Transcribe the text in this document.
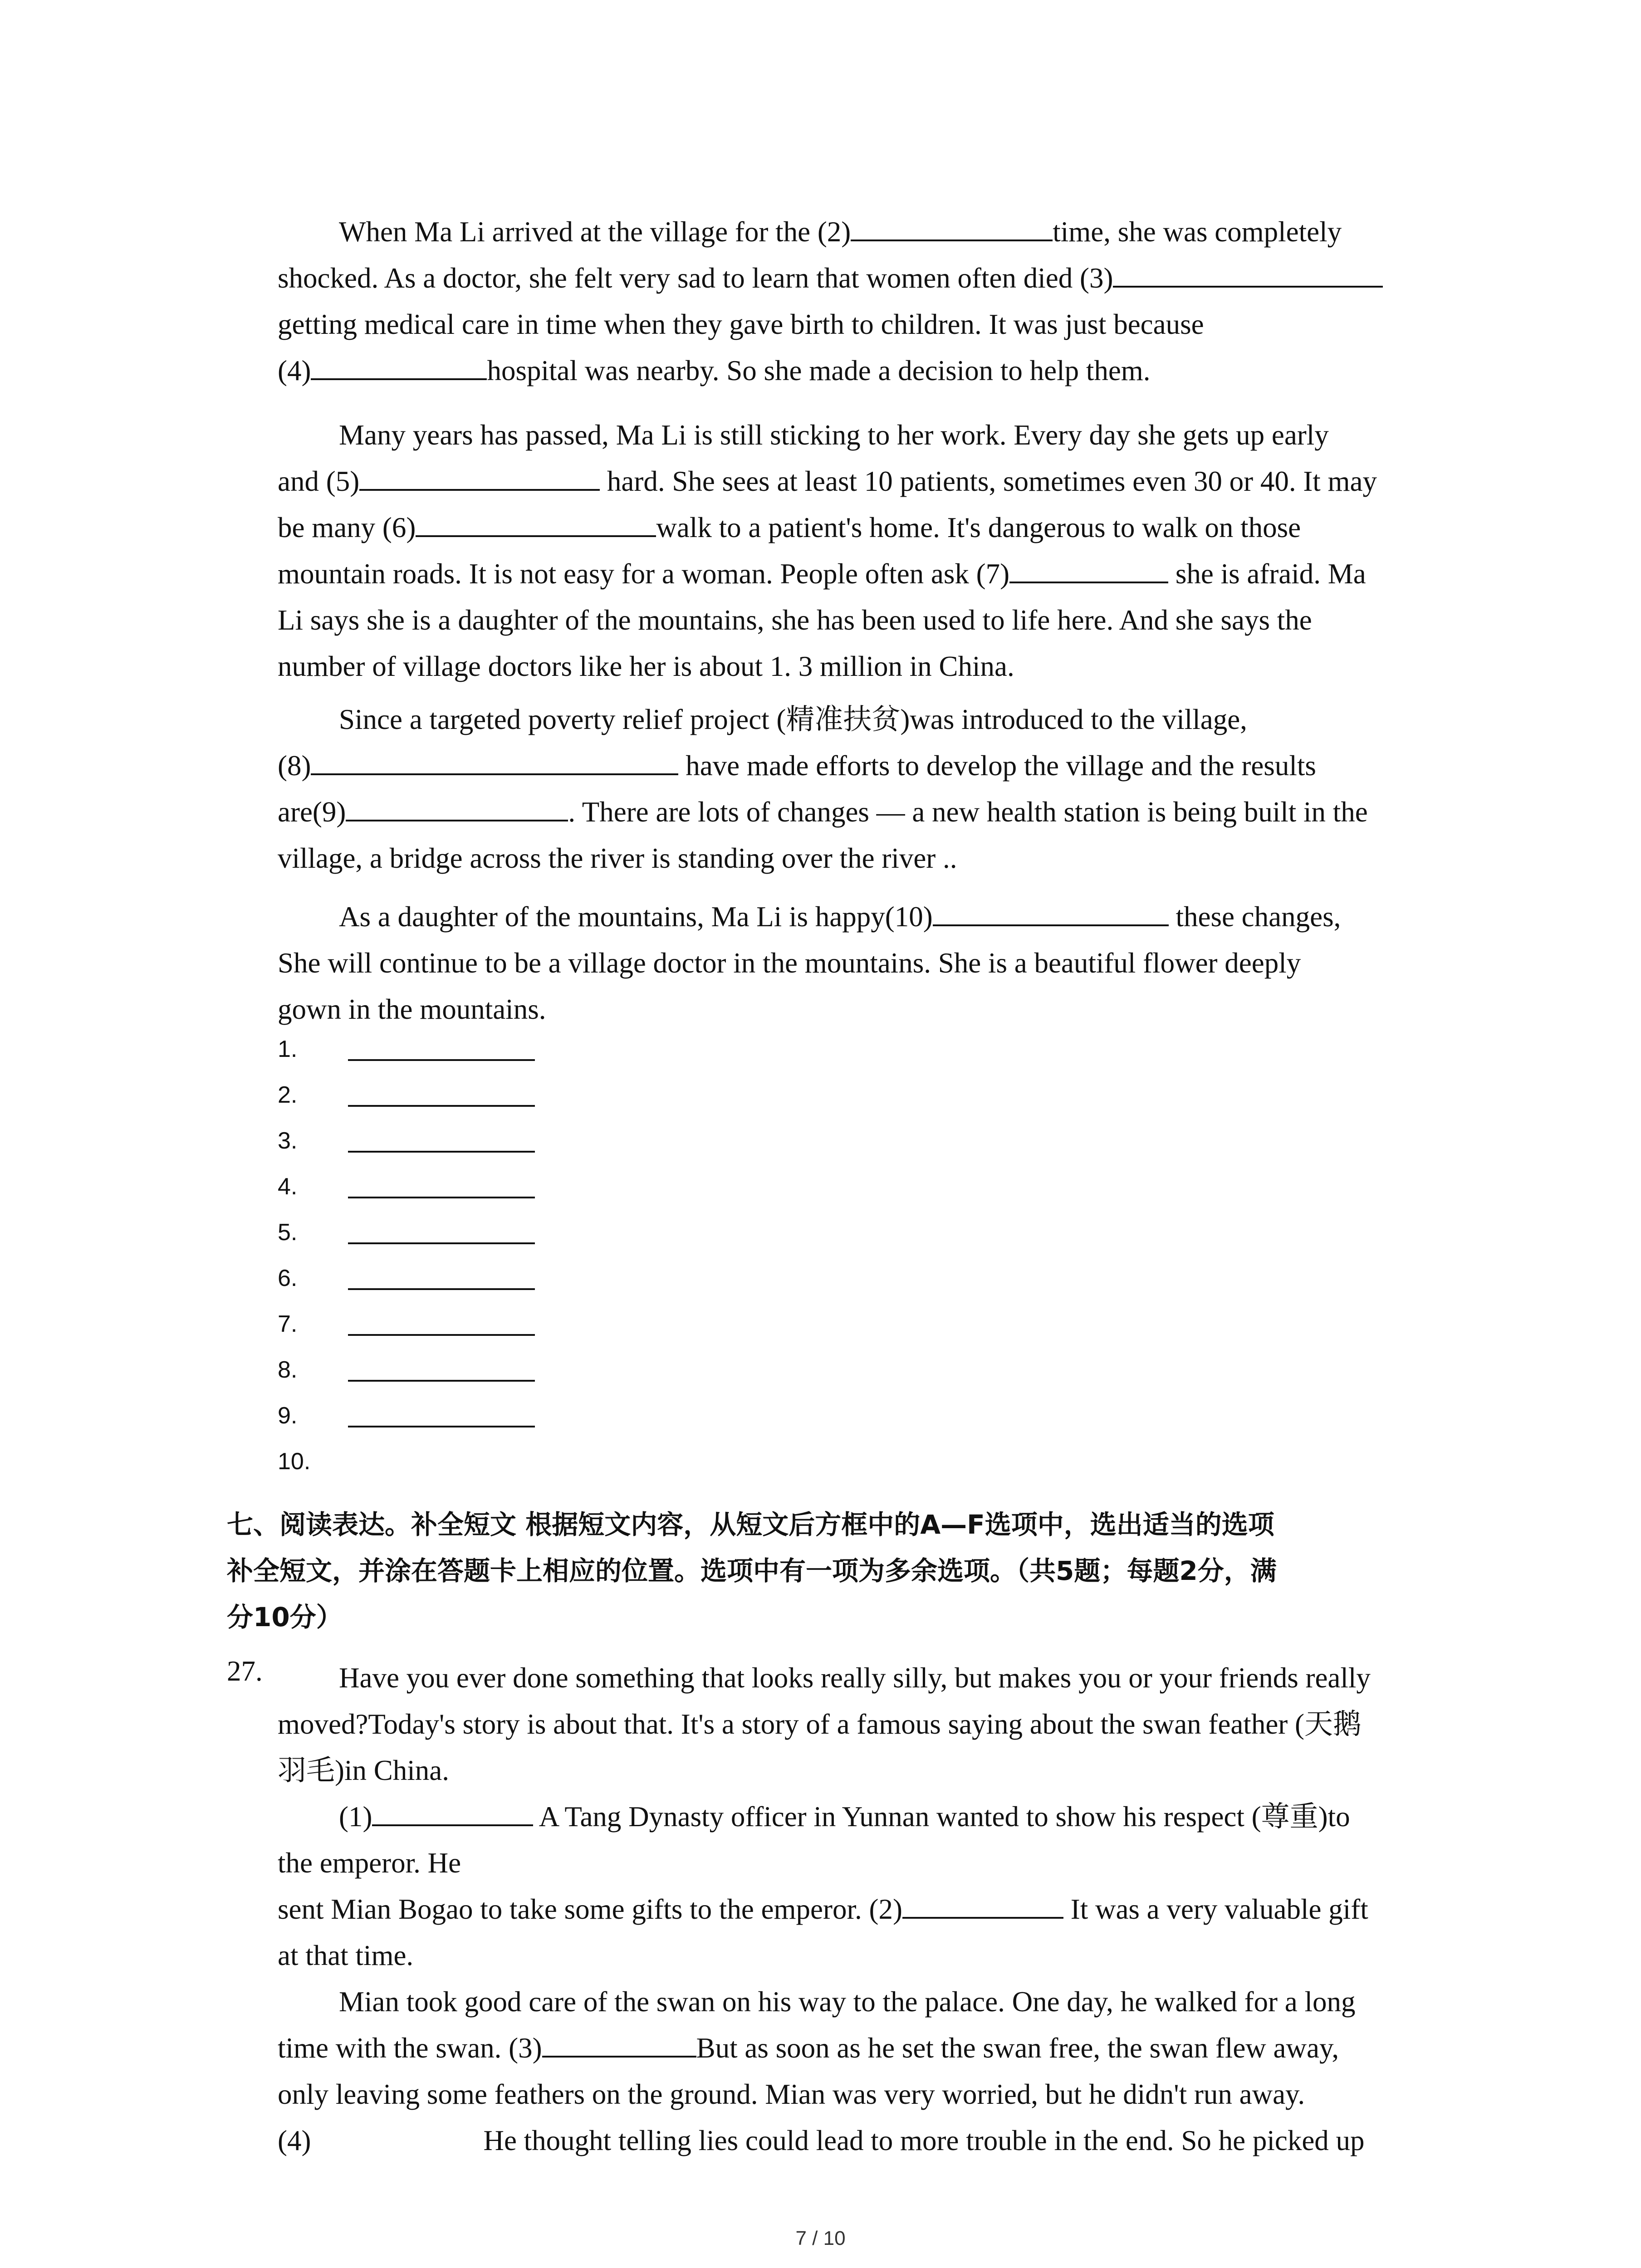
When Ma Li arrived at the village for the (2)	time, she was completely
shocked. As a doctor, she felt very sad to learn that women often died (3)
getting medical care in time when they gave birth to children. It was just because
(4)	hospital was nearby. So she made a decision to help them.
Many years has passed, Ma Li is still sticking to her work. Every day she gets up early
and (5)	hard. She sees at least 10 patients, sometimes even 30 or 40. It may
be many (6)	walk to a patient's home. It's dangerous to walk on those
mountain roads. It is not easy for a woman. People often ask (7)	she is afraid. Ma
Li says she is a daughter of the mountains, she has been used to life here. And she says the
number of village doctors like her is about 1. 3 million in China.
Since a targeted poverty relief project (精准扶贫)was introduced to the village,
(8)	have made efforts to develop the village and the results
are(9)	. There are lots of changes — a new health station is being built in the
village, a bridge across the river is standing over the river ..
As a daughter of the mountains, Ma Li is happy(10)	these changes,
She will continue to be a village doctor in the mountains. She is a beautiful flower deeply
gown in the mountains.
1.
2.
3.
4.
5.
6.
7.
8.
9.
10.
七、阅读表达。补全短文 根据短文内容，从短文后方框中的A—F选项中，选出适当的选项
补全短文，并涂在答题卡上相应的位置。选项中有一项为多余选项。（共5题；每题2分，满
分10分）
27.	Have you ever done something that looks really silly, but makes you or your friends really
moved?Today's story is about that. It's a story of a famous saying about the swan feather (天鹅
羽毛)in China.
(1)	A Tang Dynasty officer in Yunnan wanted to show his respect (尊重)to
the emperor. He
sent Mian Bogao to take some gifts to the emperor. (2)	It was a very valuable gift
at that time.
Mian took good care of the swan on his way to the palace. One day, he walked for a long
time with the swan. (3)	But as soon as he set the swan free, the swan flew away,
only leaving some feathers on the ground. Mian was very worried, but he didn't run away.
(4)	He thought telling lies could lead to more trouble in the end. So he picked up
7 / 10
